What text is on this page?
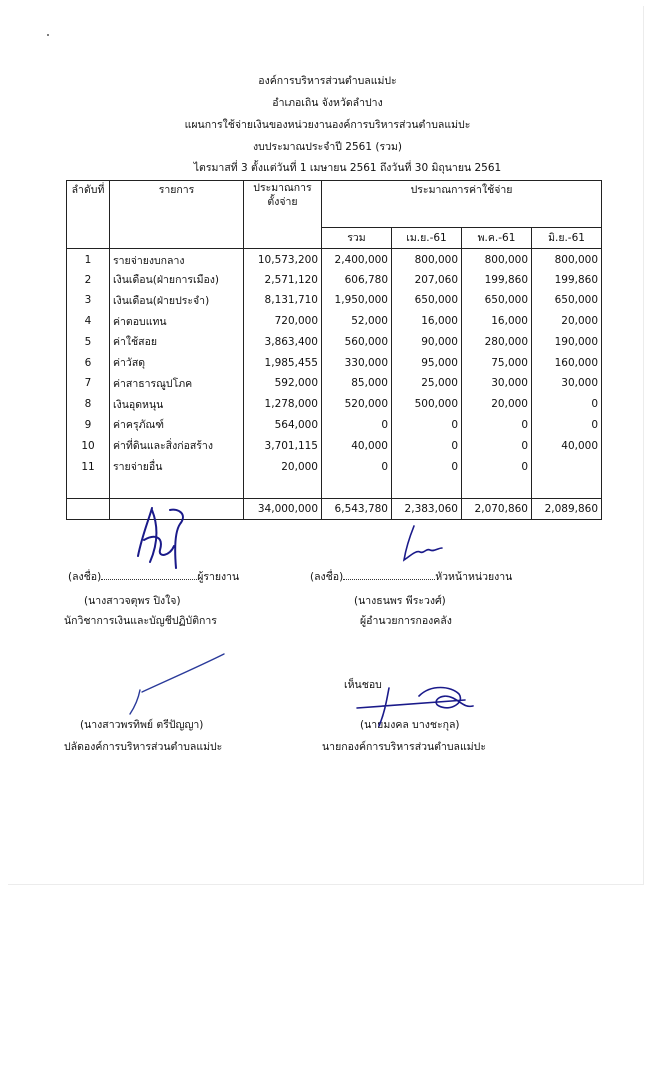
องค์การบริหารส่วนตำบลแม่ปะ
อำเภอเถิน จังหวัดลำปาง
แผนการใช้จ่ายเงินของหน่วยงานองค์การบริหารส่วนตำบลแม่ปะ
งบประมาณประจำปี 2561 (รวม)
ไตรมาสที่ 3 ตั้งแต่วันที่ 1 เมษายน 2561 ถึงวันที่ 30 มิถุนายน 2561
ลำดับที่	รายการ	ประมาณการ ตั้งจ่าย	ประมาณการค่าใช้จ่าย			
			รวม	เม.ย.-61	พ.ค.-61	มิ.ย.-61
1	รายจ่ายงบกลาง	10,573,200	2,400,000	800,000	800,000	800,000
2	เงินเดือน(ฝ่ายการเมือง)	2,571,120	606,780	207,060	199,860	199,860
3	เงินเดือน(ฝ่ายประจำ)	8,131,710	1,950,000	650,000	650,000	650,000
4	ค่าตอบแทน	720,000	52,000	16,000	16,000	20,000
5	ค่าใช้สอย	3,863,400	560,000	90,000	280,000	190,000
6	ค่าวัสดุ	1,985,455	330,000	95,000	75,000	160,000
7	ค่าสาธารณูปโภค	592,000	85,000	25,000	30,000	30,000
8	เงินอุดหนุน	1,278,000	520,000	500,000	20,000	0
9	ค่าครุภัณฑ์	564,000	0	0	0	0
10	ค่าที่ดินและสิ่งก่อสร้าง	3,701,115	40,000	0	0	40,000
11	รายจ่ายอื่น	20,000	0	0	0	

		34,000,000	6,543,780	2,383,060	2,070,860	2,089,860
(ลงชื่อ)	ผู้รายงาน
(นางสาวจตุพร ปิงใจ)
นักวิชาการเงินและบัญชีปฏิบัติการ
(ลงชื่อ)	หัวหน้าหน่วยงาน
(นางธนพร พีระวงศ์)
ผู้อำนวยการกองคลัง
เห็นชอบ
(นางสาวพรทิพย์ ตรีปัญญา)
ปลัดองค์การบริหารส่วนตำบลแม่ปะ
(นายมงคล บางชะกุล)
นายกองค์การบริหารส่วนตำบลแม่ปะ
